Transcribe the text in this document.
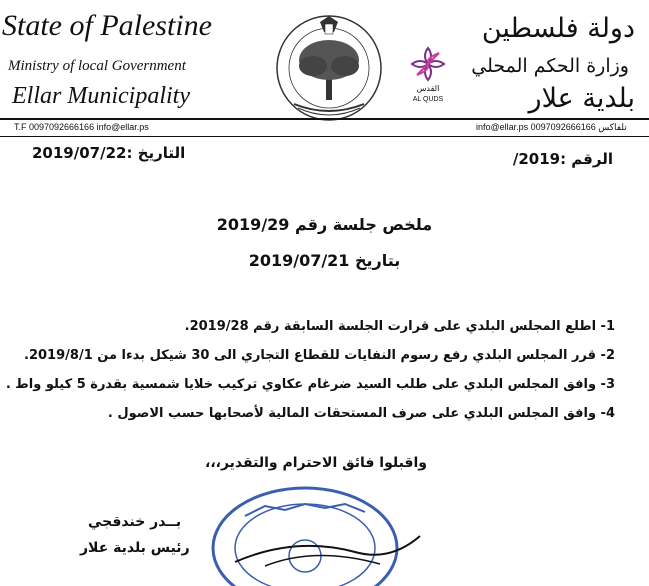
State of Palestine
Ministry of local Government
Ellar Municipality
T.F 0097092666166 info@ellar.ps
دولة فلسطين
وزارة الحكم المحلي
بلدية علار
info@ellar.ps 0097092666166 تلفاكس
القدس
AL QUDS
التاريخ :2019/07/22	الرقم :2019/
ملخص جلسة رقم 2019/29
بتاريخ 2019/07/21
1- اطلع المجلس البلدي على قرارت الجلسة السابقة رقم 2019/28.
2- قرر المجلس البلدي رفع رسوم النفايات للقطاع التجاري الى 30 شيكل بدءا من 2019/8/1.
3- وافق المجلس البلدي على طلب السيد ضرغام عكاوي تركيب خلايا شمسية بقدرة 5 كيلو واط .
4- وافق المجلس البلدي على صرف المستحقات المالية لأصحابها حسب الاصول .
واقبلوا فائق الاحترام والتقدير،،،
بــدر خندقجي
رئيس بلدية علار
